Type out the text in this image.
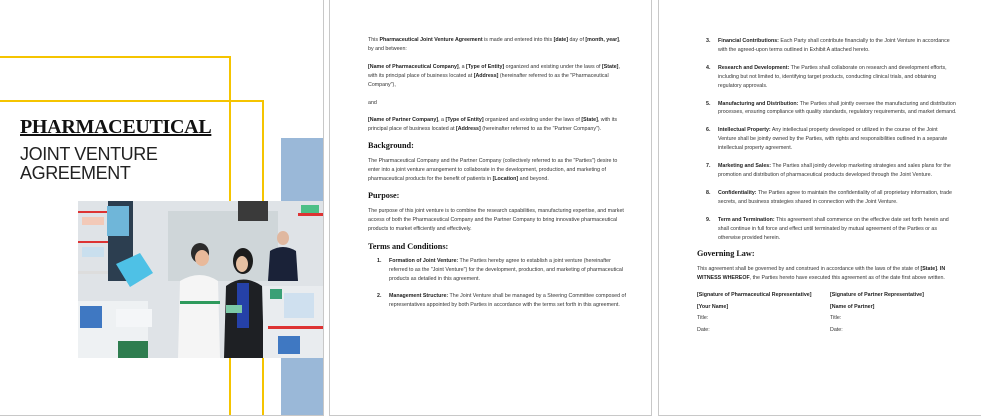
PHARMACEUTICAL
JOINT VENTURE
AGREEMENT

This Pharmaceutical Joint Venture Agreement is made and entered into this [date] day of [month, year], by and between:

[Name of Pharmaceutical Company], a [Type of Entity] organized and existing under the laws of [State], with its principal place of business located at [Address] (hereinafter referred to as the "Pharmaceutical Company"),

and

[Name of Partner Company], a [Type of Entity] organized and existing under the laws of [State], with its principal place of business located at [Address] (hereinafter referred to as the "Partner Company").

Background:

The Pharmaceutical Company and the Partner Company (collectively referred to as the "Parties") desire to enter into a joint venture arrangement to collaborate in the development, production, and marketing of pharmaceutical products for the benefit of patients in [Location] and beyond.

Purpose:

The purpose of this joint venture is to combine the research capabilities, manufacturing expertise, and market access of both the Pharmaceutical Company and the Partner Company to bring innovative pharmaceutical products to market efficiently and effectively.

Terms and Conditions:

1. Formation of Joint Venture: The Parties hereby agree to establish a joint venture (hereinafter referred to as the "Joint Venture") for the development, production, and marketing of pharmaceutical products as detailed in this agreement.
2. Management Structure: The Joint Venture shall be managed by a Steering Committee composed of representatives appointed by both Parties in accordance with the terms set forth in this agreement.
3. Financial Contributions: Each Party shall contribute financially to the Joint Venture in accordance with the agreed-upon terms outlined in Exhibit A attached hereto.
4. Research and Development: The Parties shall collaborate on research and development efforts, including but not limited to, identifying target products, conducting clinical trials, and obtaining regulatory approvals.
5. Manufacturing and Distribution: The Parties shall jointly oversee the manufacturing and distribution processes, ensuring compliance with quality standards, regulatory requirements, and market demand.
6. Intellectual Property: Any intellectual property developed or utilized in the course of the Joint Venture shall be jointly owned by the Parties, with rights and responsibilities outlined in a separate intellectual property agreement.
7. Marketing and Sales: The Parties shall jointly develop marketing strategies and sales plans for the promotion and distribution of pharmaceutical products developed through the Joint Venture.
8. Confidentiality: The Parties agree to maintain the confidentiality of all proprietary information, trade secrets, and business strategies shared in connection with the Joint Venture.
9. Term and Termination: This agreement shall commence on the effective date set forth herein and shall continue in full force and effect until terminated by mutual agreement of the Parties or as otherwise provided herein.

Governing Law:

This agreement shall be governed by and construed in accordance with the laws of the state of [State]. IN WITNESS WHEREOF, the Parties hereto have executed this agreement as of the date first above written.

[Signature of Pharmaceutical Representative]

[Your Name]

Title:

Date:

[Signature of Partner Representative]

[Name of Partner]

Title:

Date:
